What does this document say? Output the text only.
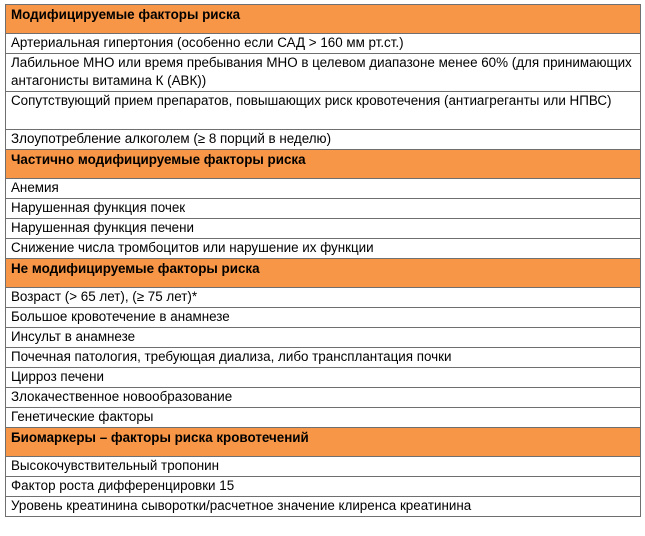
Модифицируемые факторы риска
Артериальная гипертония (особенно если САД > 160 мм рт.ст.)
Лабильное МНО или время пребывания МНО в целевом диапазоне менее 60% (для принимающих антагонисты витамина К (АВК))
Сопутствующий прием препаратов, повышающих риск кровотечения (антиагреганты или НПВС)
Злоупотребление алкоголем (≥ 8 порций в неделю)
Частично модифицируемые факторы риска
Анемия
Нарушенная функция почек
Нарушенная функция печени
Снижение числа тромбоцитов или нарушение их функции
Не модифицируемые факторы риска
Возраст (> 65 лет), (≥ 75 лет)*
Большое кровотечение в анамнезе
Инсульт в анамнезе
Почечная патология, требующая диализа, либо трансплантация почки
Цирроз печени
Злокачественное новообразование
Генетические факторы
Биомаркеры – факторы риска кровотечений
Высокочувствительный тропонин
Фактор роста дифференцировки 15
Уровень креатинина сыворотки/расчетное значение клиренса креатинина
